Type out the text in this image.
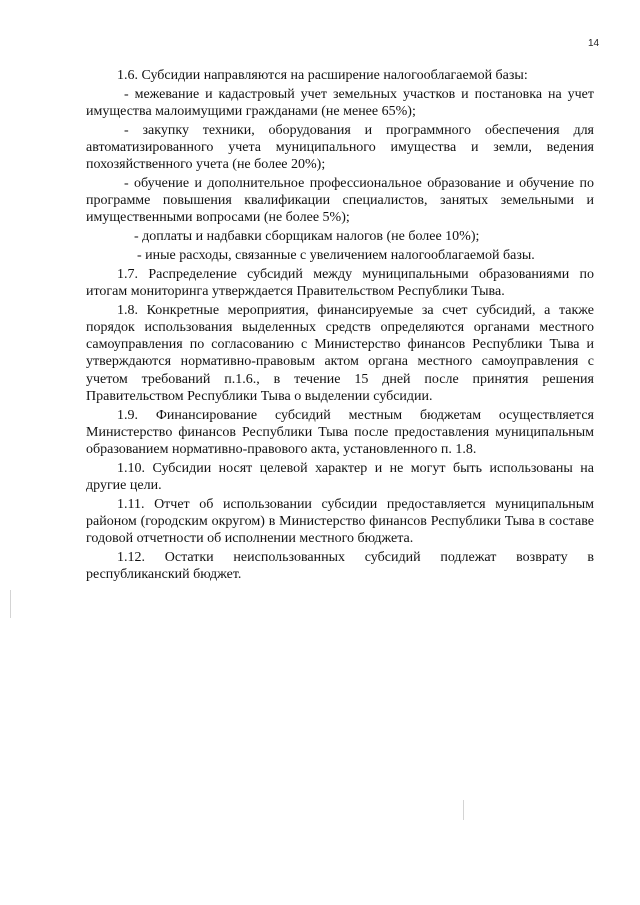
14

1.6. Субсидии направляются на расширение налогооблагаемой базы:

- межевание и кадастровый учет земельных участков и постановка на учет имущества малоимущими гражданами (не менее 65%);

- закупку техники, оборудования и программного обеспечения для автоматизированного учета муниципального имущества и земли, ведения похозяйственного учета (не более 20%);

- обучение и дополнительное профессиональное образование и обучение по программе повышения квалификации специалистов, занятых земельными и имущественными вопросами (не более 5%);

- доплаты и надбавки сборщикам налогов (не более 10%);

- иные расходы, связанные с увеличением налогооблагаемой базы.

1.7. Распределение субсидий между муниципальными образованиями по итогам мониторинга утверждается Правительством Республики Тыва.

1.8. Конкретные мероприятия, финансируемые за счет субсидий, а также порядок использования выделенных средств определяются органами местного самоуправления по согласованию с Министерство финансов Республики Тыва и утверждаются нормативно-правовым актом органа местного самоуправления с учетом требований п.1.6., в течение 15 дней после принятия решения Правительством Республики Тыва о выделении субсидии.

1.9. Финансирование субсидий местным бюджетам осуществляется Министерство финансов Республики Тыва после предоставления муниципальным образованием нормативно-правового акта, установленного п. 1.8.

1.10. Субсидии носят целевой характер и не могут быть использованы на другие цели.

1.11. Отчет об использовании субсидии предоставляется муниципальным районом (городским округом) в Министерство финансов Республики Тыва в составе годовой отчетности об исполнении местного бюджета.

1.12. Остатки неиспользованных субсидий подлежат возврату в республиканский бюджет.
